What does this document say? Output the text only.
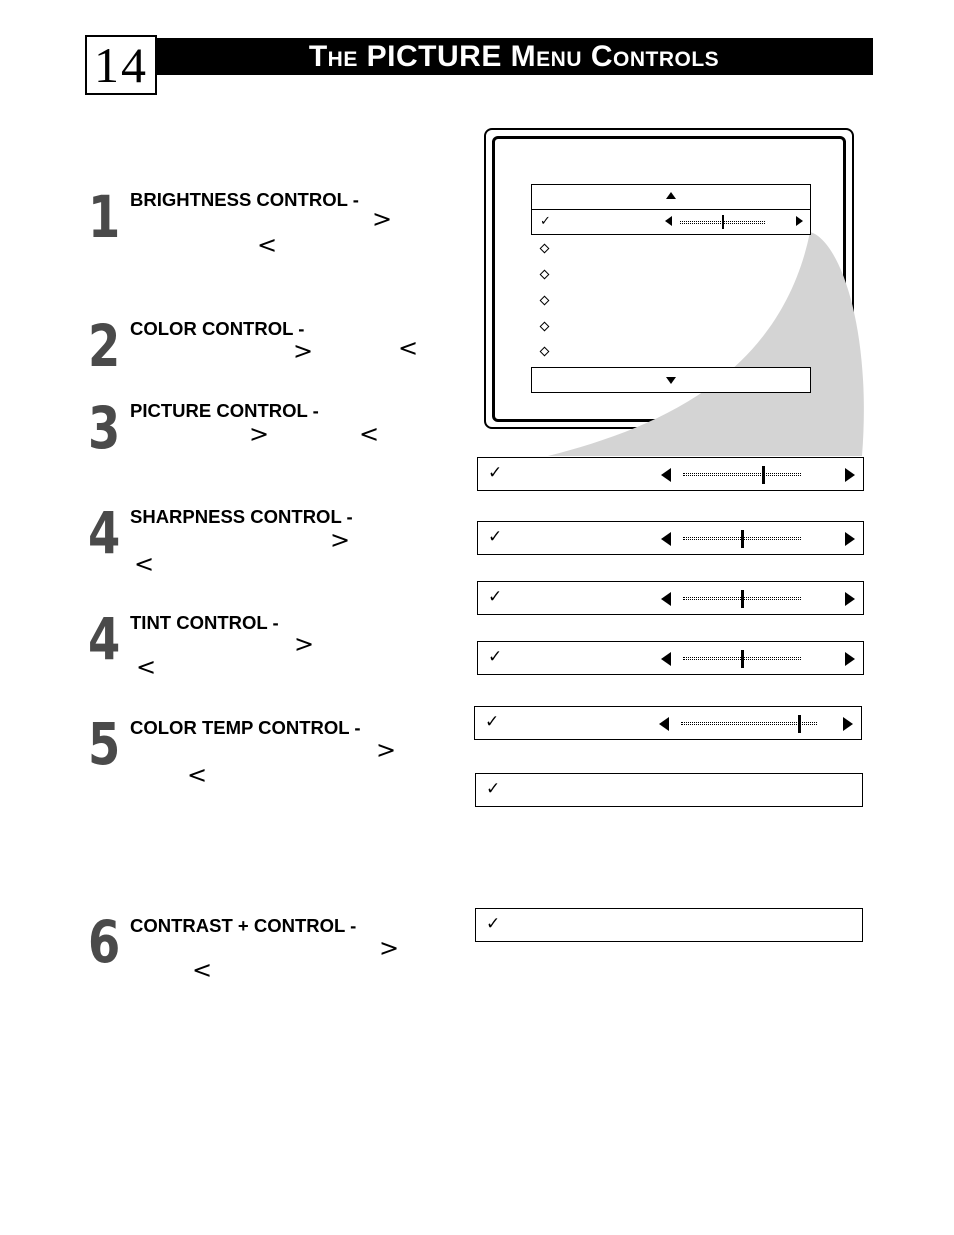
14	The PICTURE Menu Controls
1 BRIGHTNESS CONTROL -
>
<
2 COLOR CONTROL -
>	<
3 PICTURE CONTROL -
>	<
4 SHARPNESS CONTROL -
>
<
4 TINT CONTROL -
>
<
5 COLOR TEMP CONTROL -
>
<
6 CONTRAST + CONTROL -
>
<
✓
✓
✓
✓
✓
✓
✓
✓
